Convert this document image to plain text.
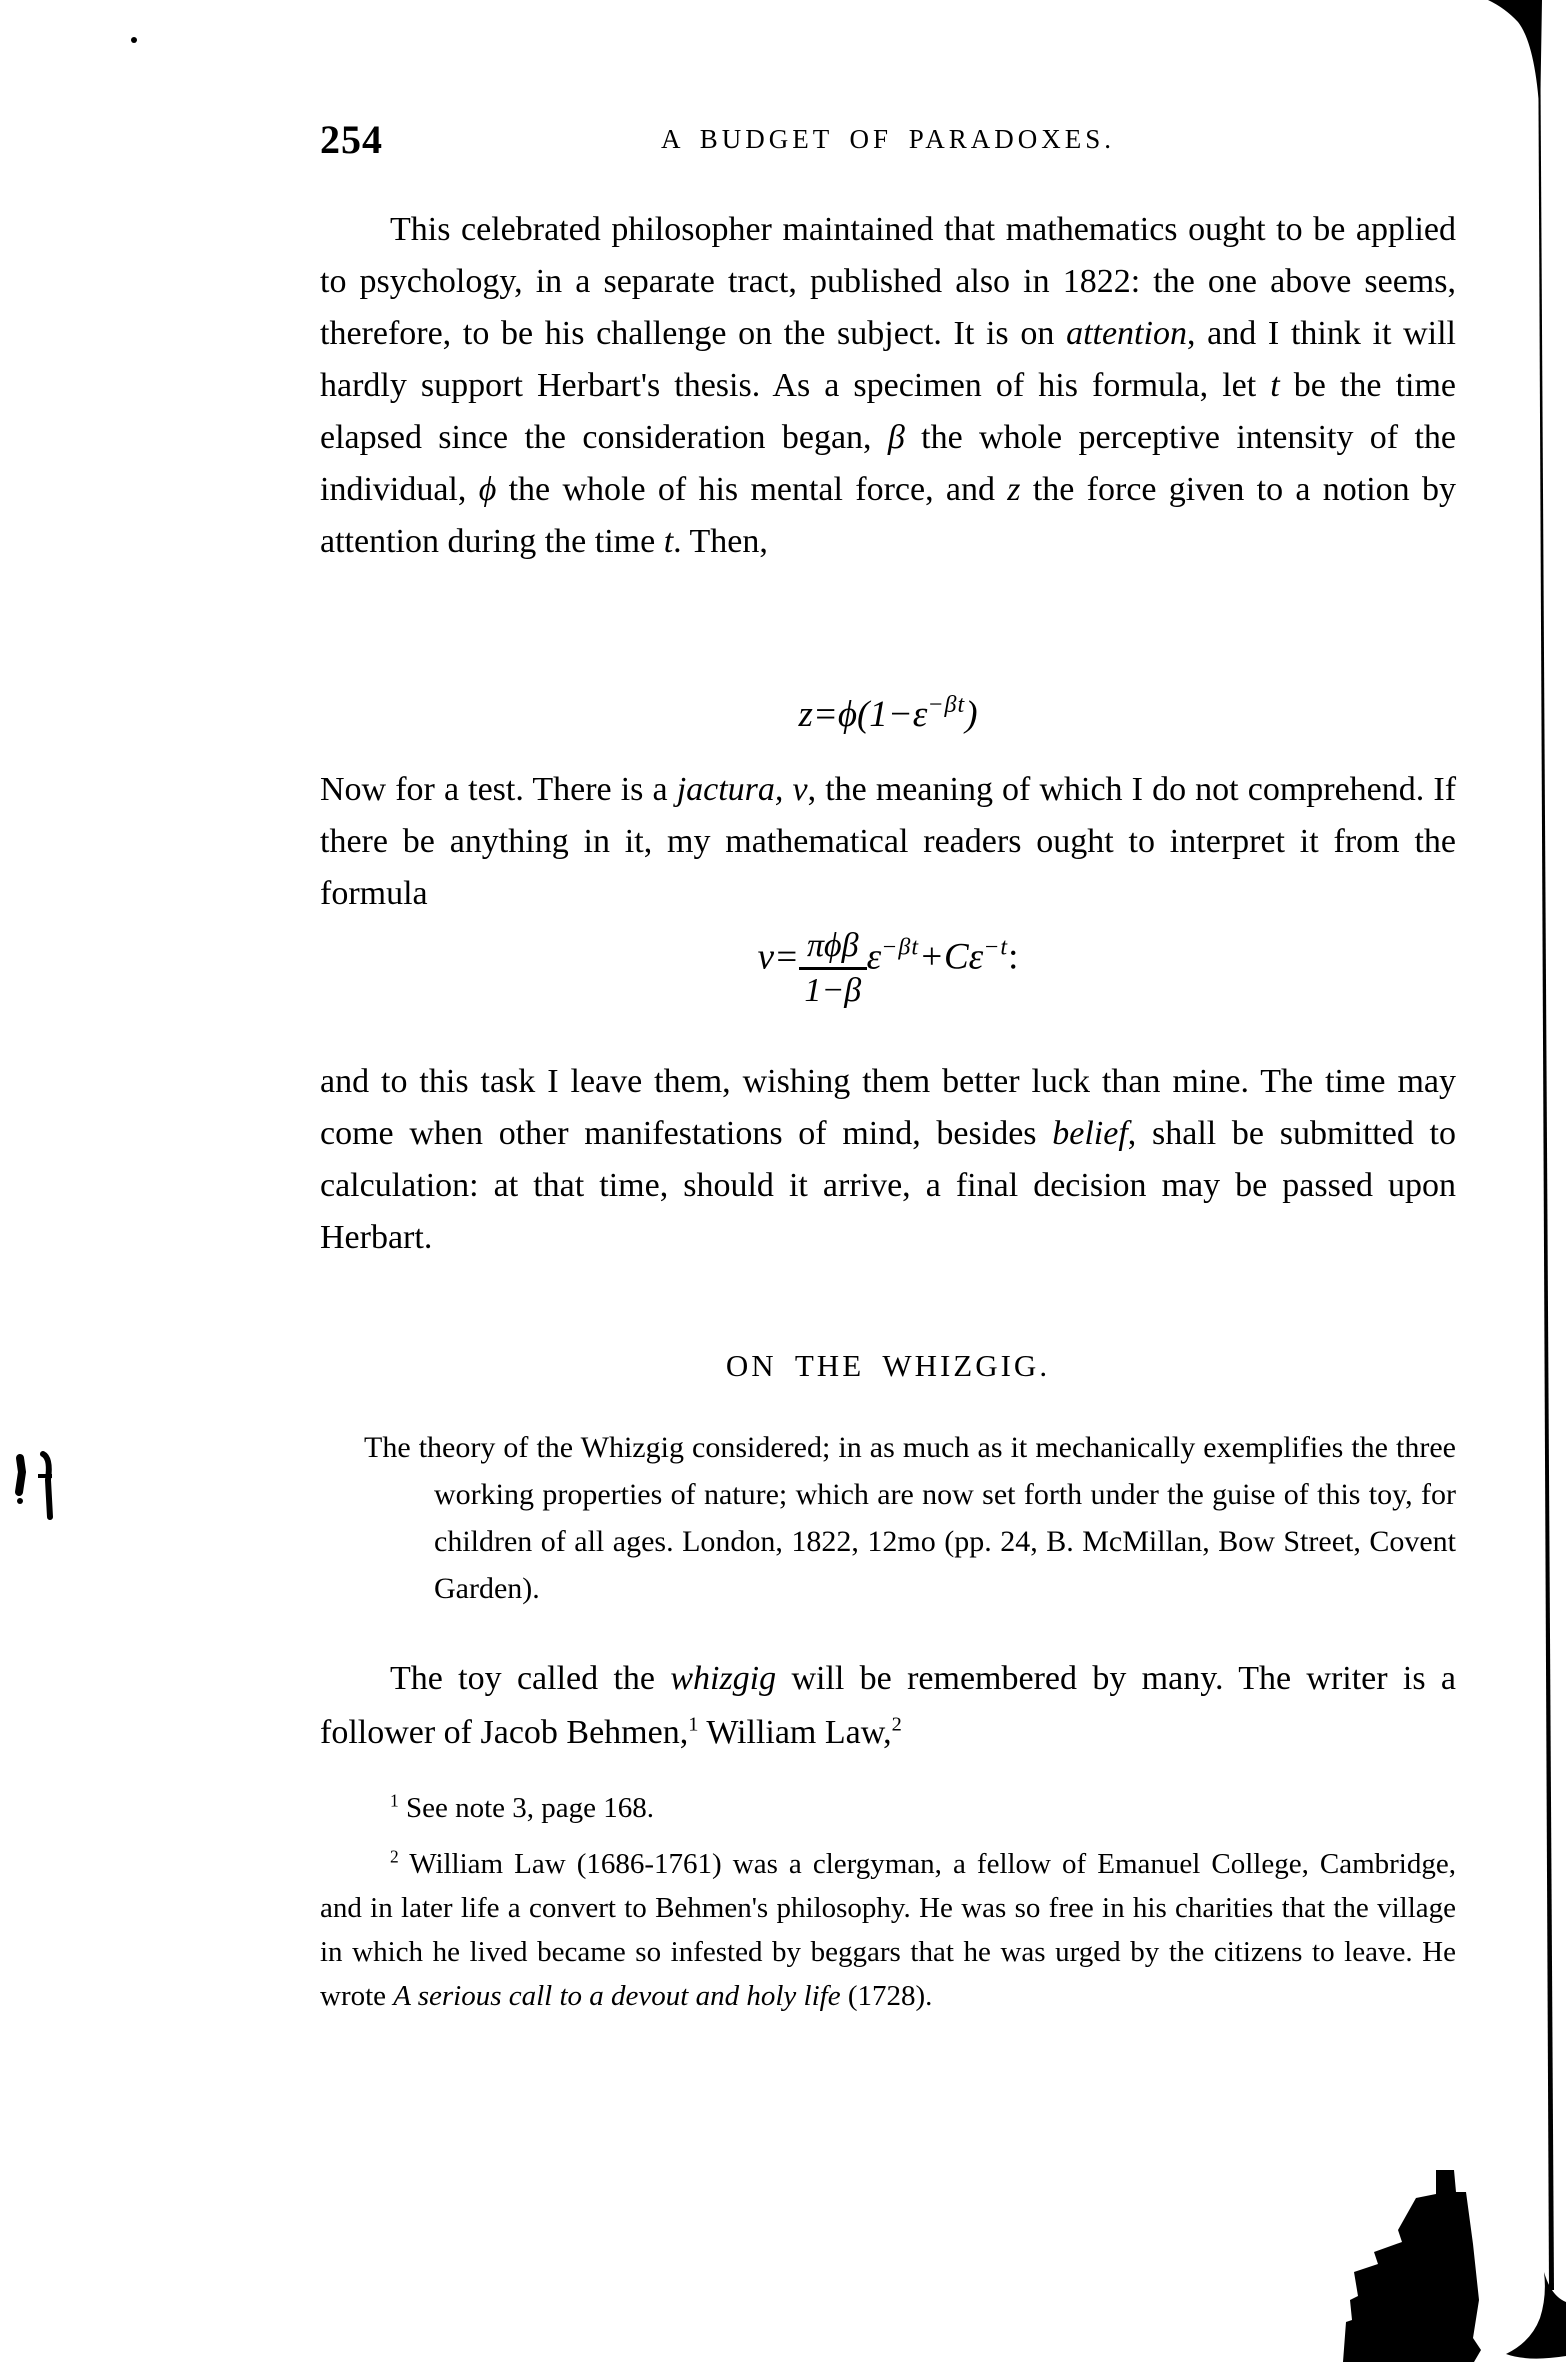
254	A BUDGET OF PARADOXES.
This celebrated philosopher maintained that mathematics ought to be applied to psychology, in a separate tract, published also in 1822: the one above seems, therefore, to be his challenge on the subject. It is on attention, and I think it will hardly support Herbart's thesis. As a specimen of his formula, let t be the time elapsed since the consideration began, β the whole perceptive intensity of the individual, ϕ the whole of his mental force, and z the force given to a notion by attention during the time t. Then,
$z=\phi(1-\varepsilon^{-\beta t})$
Now for a test. There is a jactura, v, the meaning of which I do not comprehend. If there be anything in it, my mathematical readers ought to interpret it from the formula
$v= \frac{\text{πϕβ}}{1-\beta} \varepsilon^{-\beta t}+C\varepsilon^{-t}$:
and to this task I leave them, wishing them better luck than mine. The time may come when other manifestations of mind, besides belief, shall be submitted to calculation: at that time, should it arrive, a final decision may be passed upon Herbart.
ON THE WHIZGIG.
The theory of the Whizgig considered; in as much as it mechanically exemplifies the three working properties of nature; which are now set forth under the guise of this toy, for children of all ages. London, 1822, 12mo (pp. 24, B. McMillan, Bow Street, Covent Garden).
The toy called the whizgig will be remembered by many. The writer is a follower of Jacob Behmen,$^1$ William Law,$^2$
$^1$ See note 3, page 168.
$^2$ William Law (1686-1761) was a clergyman, a fellow of Emanuel College, Cambridge, and in later life a convert to Behmen's philosophy. He was so free in his charities that the village in which he lived became so infested by beggars that he was urged by the citizens to leave. He wrote A serious call to a devout and holy life (1728).
